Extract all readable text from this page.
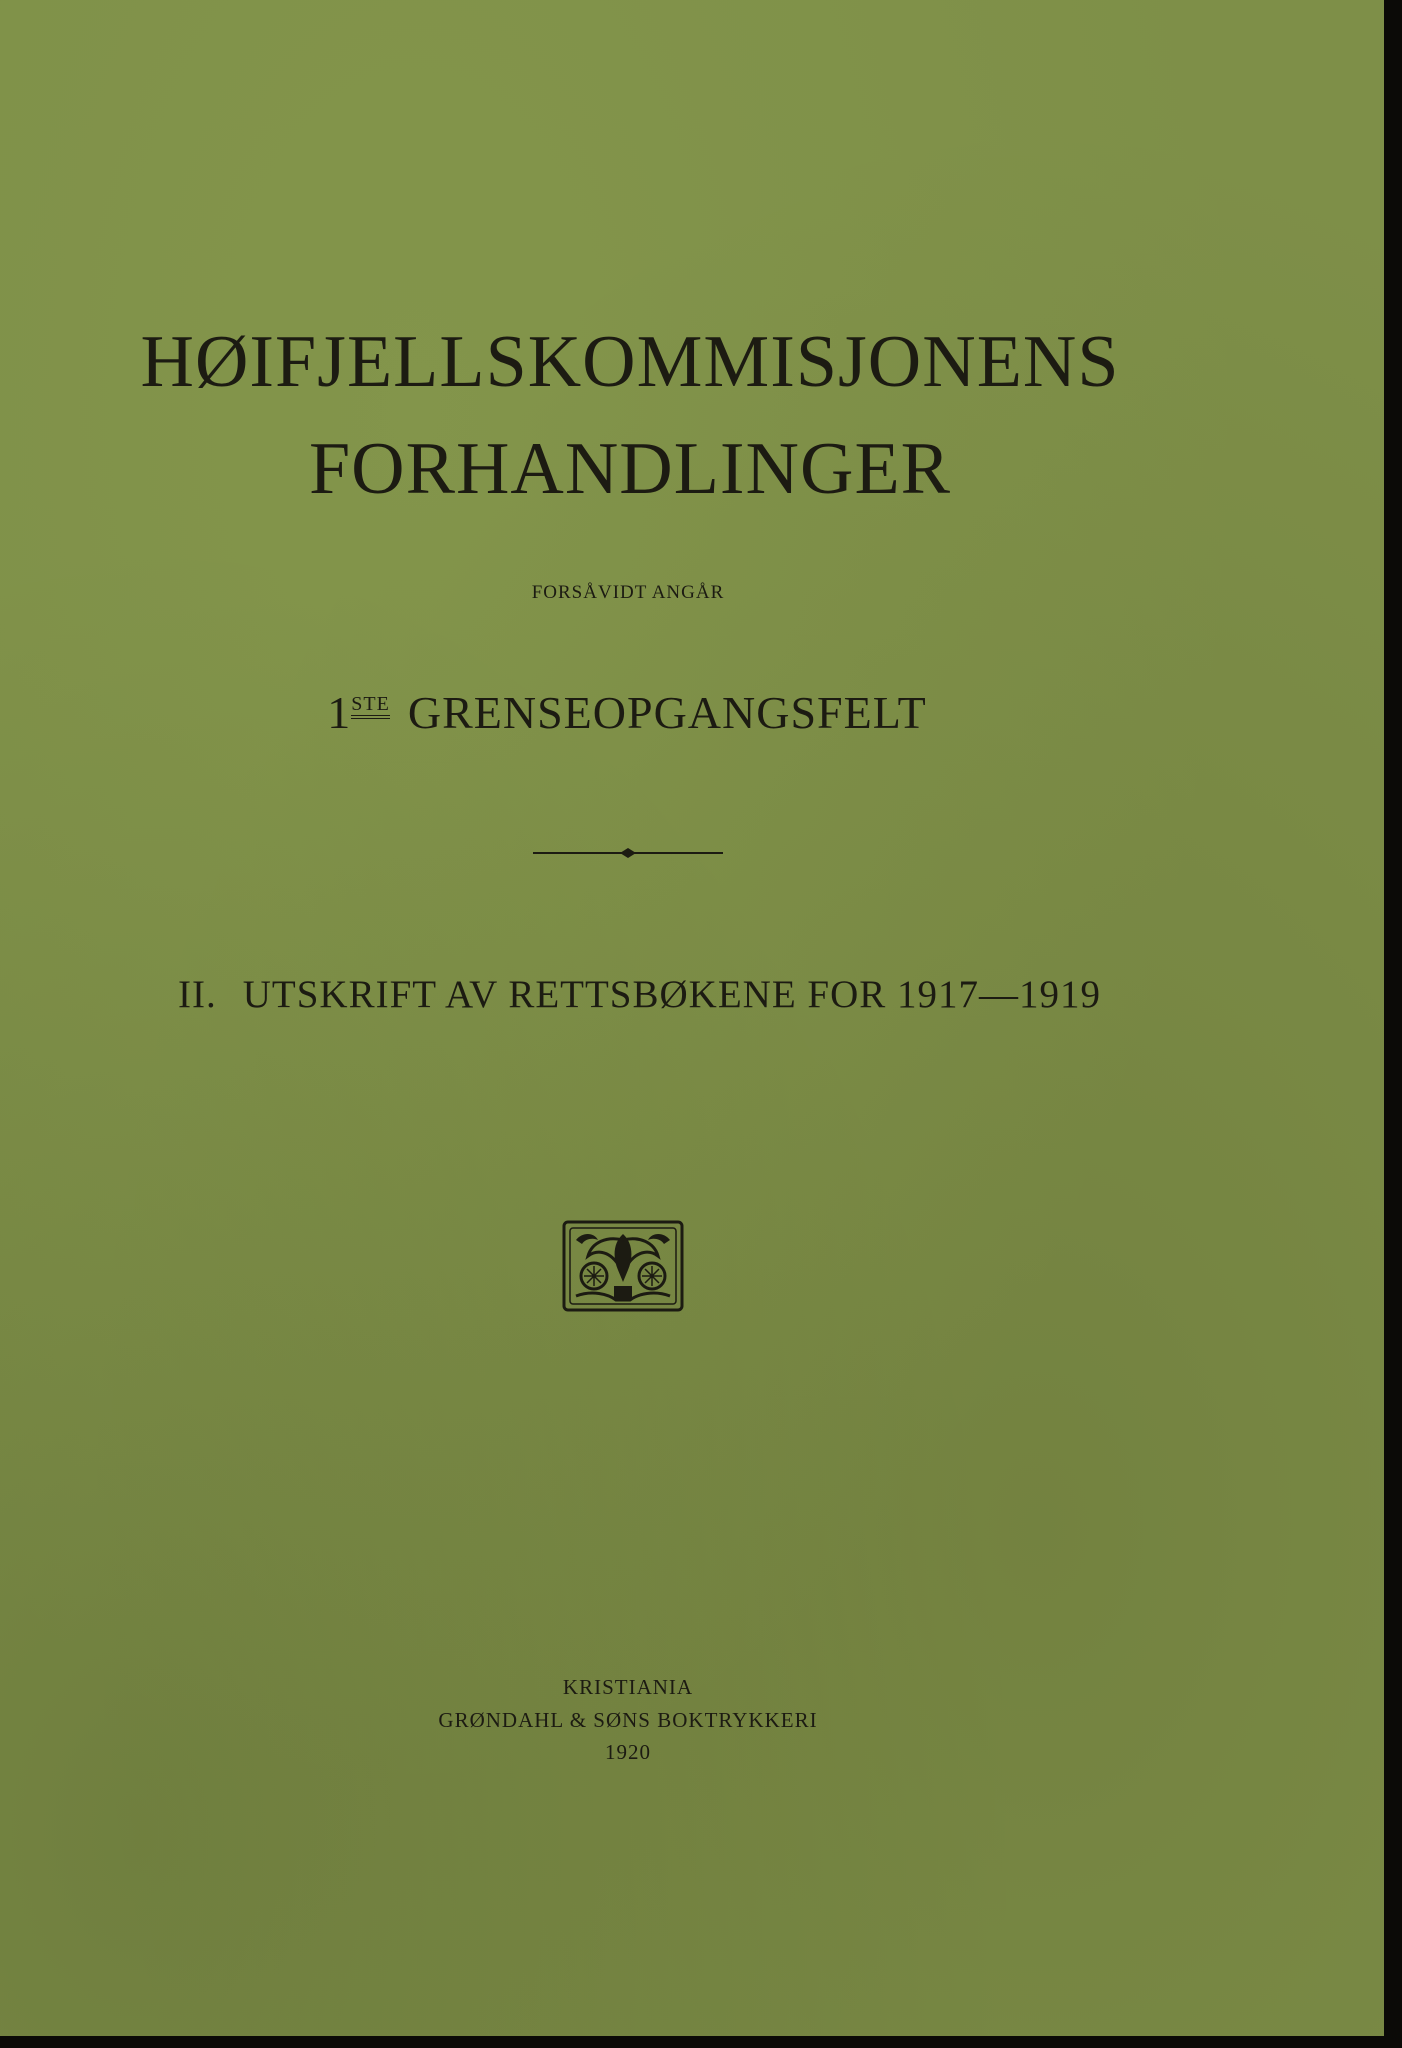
HØIFJELLSKOMMISJONENS
FORHANDLINGER
FORSÅVIDT ANGÅR
1STE GRENSEOPGANGSFELT
II. UTSKRIFT AV RETTSBØKENE FOR 1917—1919
KRISTIANIA
GRØNDAHL & SØNS BOKTRYKKERI
1920
